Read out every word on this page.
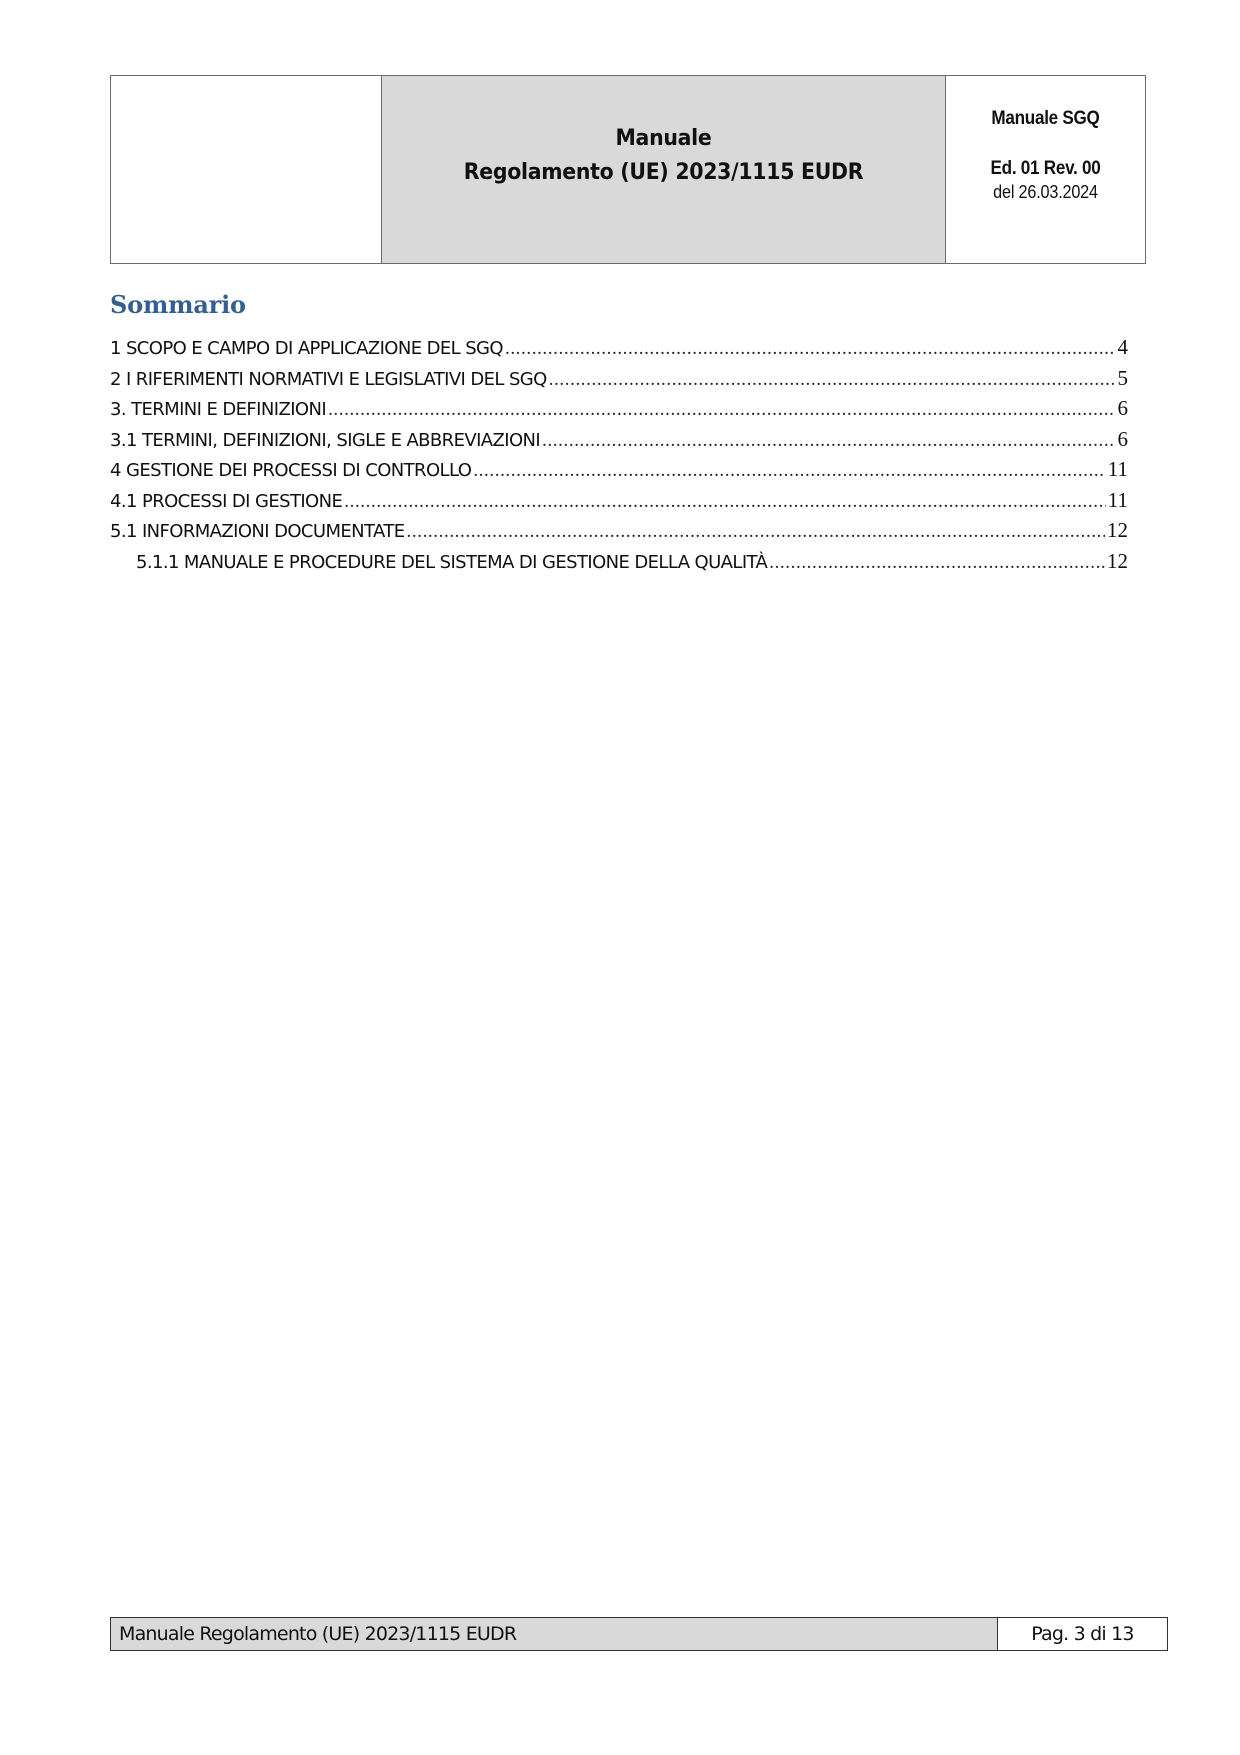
Manuale
Regolamento (UE) 2023/1115 EUDR

Manuale SGQ
Ed. 01 Rev. 00
del 26.03.2024
Sommario
1 SCOPO E CAMPO DI APPLICAZIONE DEL SGQ .....	4
2 I RIFERIMENTI NORMATIVI E LEGISLATIVI DEL SGQ .....	5
3. TERMINI E DEFINIZIONI .....	6
3.1 TERMINI, DEFINIZIONI, SIGLE E ABBREVIAZIONI .....	6
4 GESTIONE DEI PROCESSI DI CONTROLLO .....	11
4.1 PROCESSI DI GESTIONE .....	11
5.1 INFORMAZIONI DOCUMENTATE .....	12
5.1.1 MANUALE E PROCEDURE DEL SISTEMA DI GESTIONE DELLA QUALITÀ .....	12
Manuale Regolamento (UE) 2023/1115 EUDR	Pag. 3 di 13
